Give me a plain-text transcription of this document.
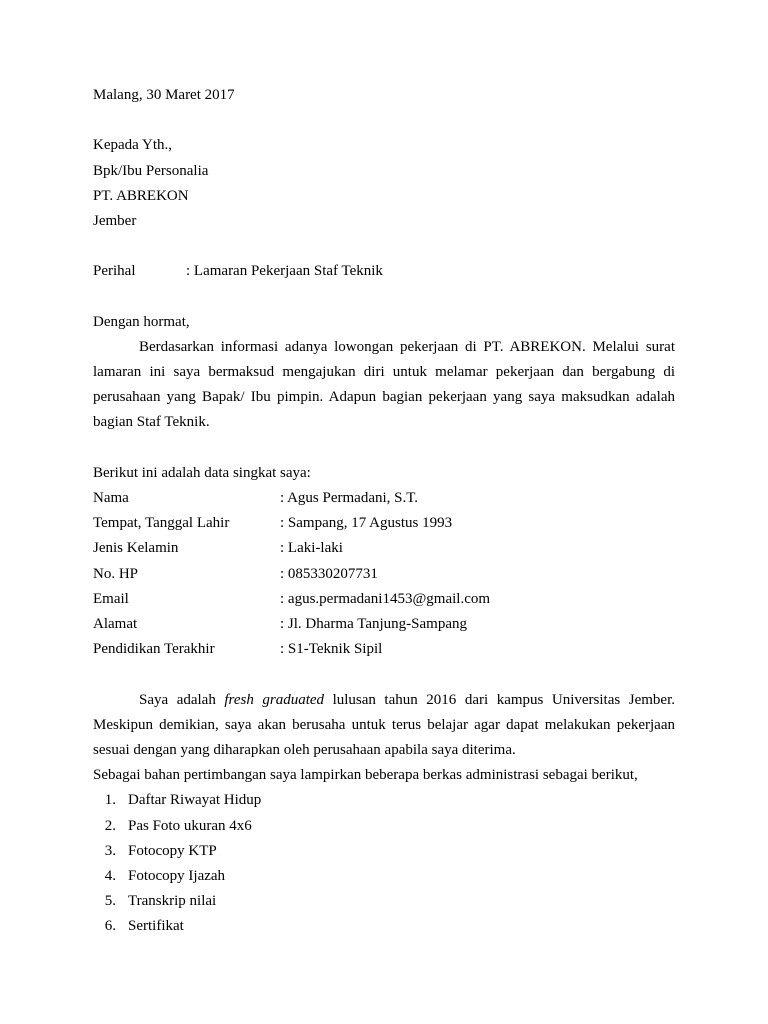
Malang, 30 Maret 2017
Kepada Yth.,
Bpk/Ibu Personalia
PT. ABREKON
Jember
Perihal	: Lamaran Pekerjaan Staf Teknik
Dengan hormat,
Berdasarkan informasi adanya lowongan pekerjaan di PT. ABREKON. Melalui surat lamaran ini saya bermaksud mengajukan diri untuk melamar pekerjaan dan bergabung di perusahaan yang Bapak/ Ibu pimpin. Adapun bagian pekerjaan yang saya maksudkan adalah bagian Staf Teknik.
Berikut ini adalah data singkat saya:
Nama	: Agus Permadani, S.T.
Tempat, Tanggal Lahir	: Sampang, 17 Agustus 1993
Jenis Kelamin	: Laki-laki
No. HP	: 085330207731
Email	: agus.permadani1453@gmail.com
Alamat	: Jl. Dharma Tanjung-Sampang
Pendidikan Terakhir	: S1-Teknik Sipil
Saya adalah fresh graduated lulusan tahun 2016 dari kampus Universitas Jember. Meskipun demikian, saya akan berusaha untuk terus belajar agar dapat melakukan pekerjaan sesuai dengan yang diharapkan oleh perusahaan apabila saya diterima.
Sebagai bahan pertimbangan saya lampirkan beberapa berkas administrasi sebagai berikut,
1. Daftar Riwayat Hidup
2. Pas Foto ukuran 4x6
3. Fotocopy KTP
4. Fotocopy Ijazah
5. Transkrip nilai
6. Sertifikat
